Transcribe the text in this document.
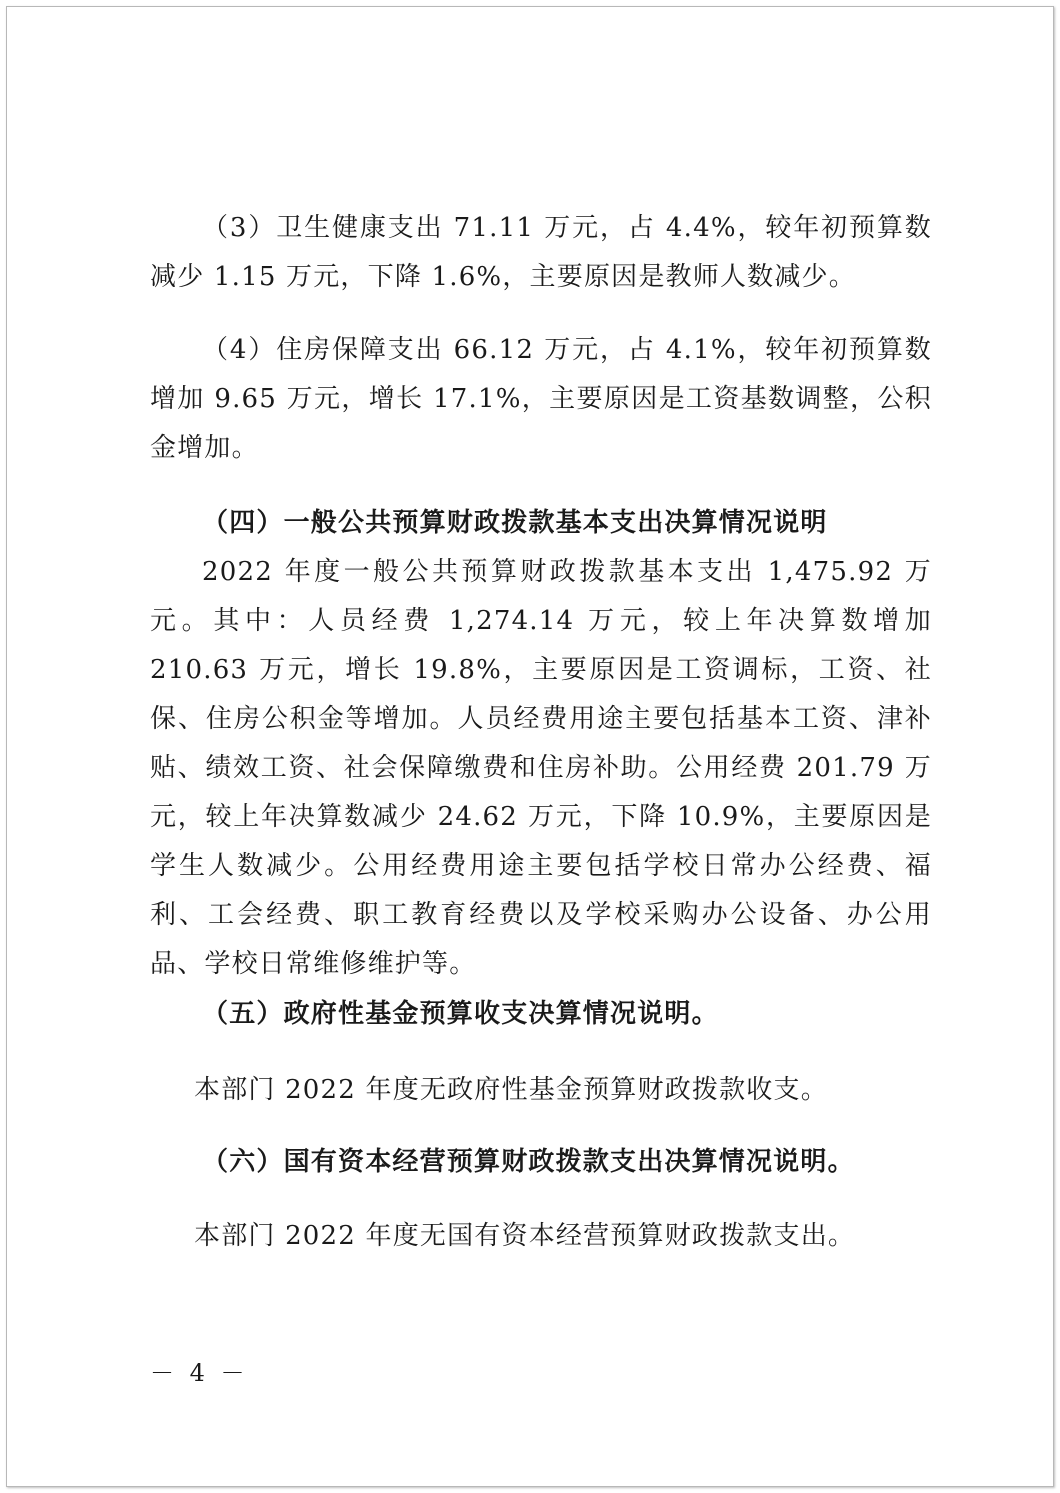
（3）卫生健康支出 71.11 万元，占 4.4%，较年初预算数减少 1.15 万元，下降 1.6%，主要原因是教师人数减少。

（4）住房保障支出 66.12 万元，占 4.1%，较年初预算数增加 9.65 万元，增长 17.1%，主要原因是工资基数调整，公积金增加。

（四）一般公共预算财政拨款基本支出决算情况说明

2022 年度一般公共预算财政拨款基本支出 1,475.92 万元。其中：人员经费 1,274.14 万元，较上年决算数增加 210.63 万元，增长 19.8%，主要原因是工资调标，工资、社保、住房公积金等增加。人员经费用途主要包括基本工资、津补贴、绩效工资、社会保障缴费和住房补助。公用经费 201.79 万元，较上年决算数减少 24.62 万元，下降 10.9%，主要原因是学生人数减少。公用经费用途主要包括学校日常办公经费、福利、工会经费、职工教育经费以及学校采购办公设备、办公用品、学校日常维修维护等。

（五）政府性基金预算收支决算情况说明。

本部门 2022 年度无政府性基金预算财政拨款收支。

（六）国有资本经营预算财政拨款支出决算情况说明。

本部门 2022 年度无国有资本经营预算财政拨款支出。

－ 4 －
